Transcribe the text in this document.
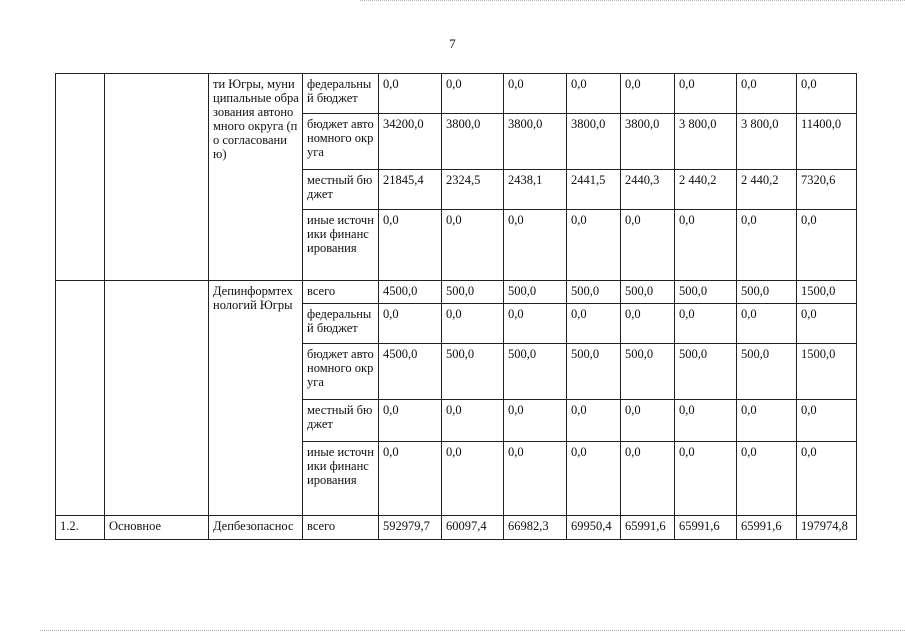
7
		ти Югры, муниципальные образования автономного округа (по согласованию)	федеральный бюджет	0,0	0,0	0,0	0,0	0,0	0,0	0,0	0,0
			бюджет автономного округа	34200,0	3800,0	3800,0	3800,0	3800,0	3 800,0	3 800,0	11400,0
			местный бюджет	21845,4	2324,5	2438,1	2441,5	2440,3	2 440,2	2 440,2	7320,6
			иные источники финансирования	0,0	0,0	0,0	0,0	0,0	0,0	0,0	0,0
		Депинформтехнологий Югры	всего	4500,0	500,0	500,0	500,0	500,0	500,0	500,0	1500,0
			федеральный бюджет	0,0	0,0	0,0	0,0	0,0	0,0	0,0	0,0
			бюджет автономного округа	4500,0	500,0	500,0	500,0	500,0	500,0	500,0	1500,0
			местный бюджет	0,0	0,0	0,0	0,0	0,0	0,0	0,0	0,0
			иные источники финансирования	0,0	0,0	0,0	0,0	0,0	0,0	0,0	0,0
1.2.	Основное	Депбезопаснос	всего	592979,7	60097,4	66982,3	69950,4	65991,6	65991,6	65991,6	197974,8
